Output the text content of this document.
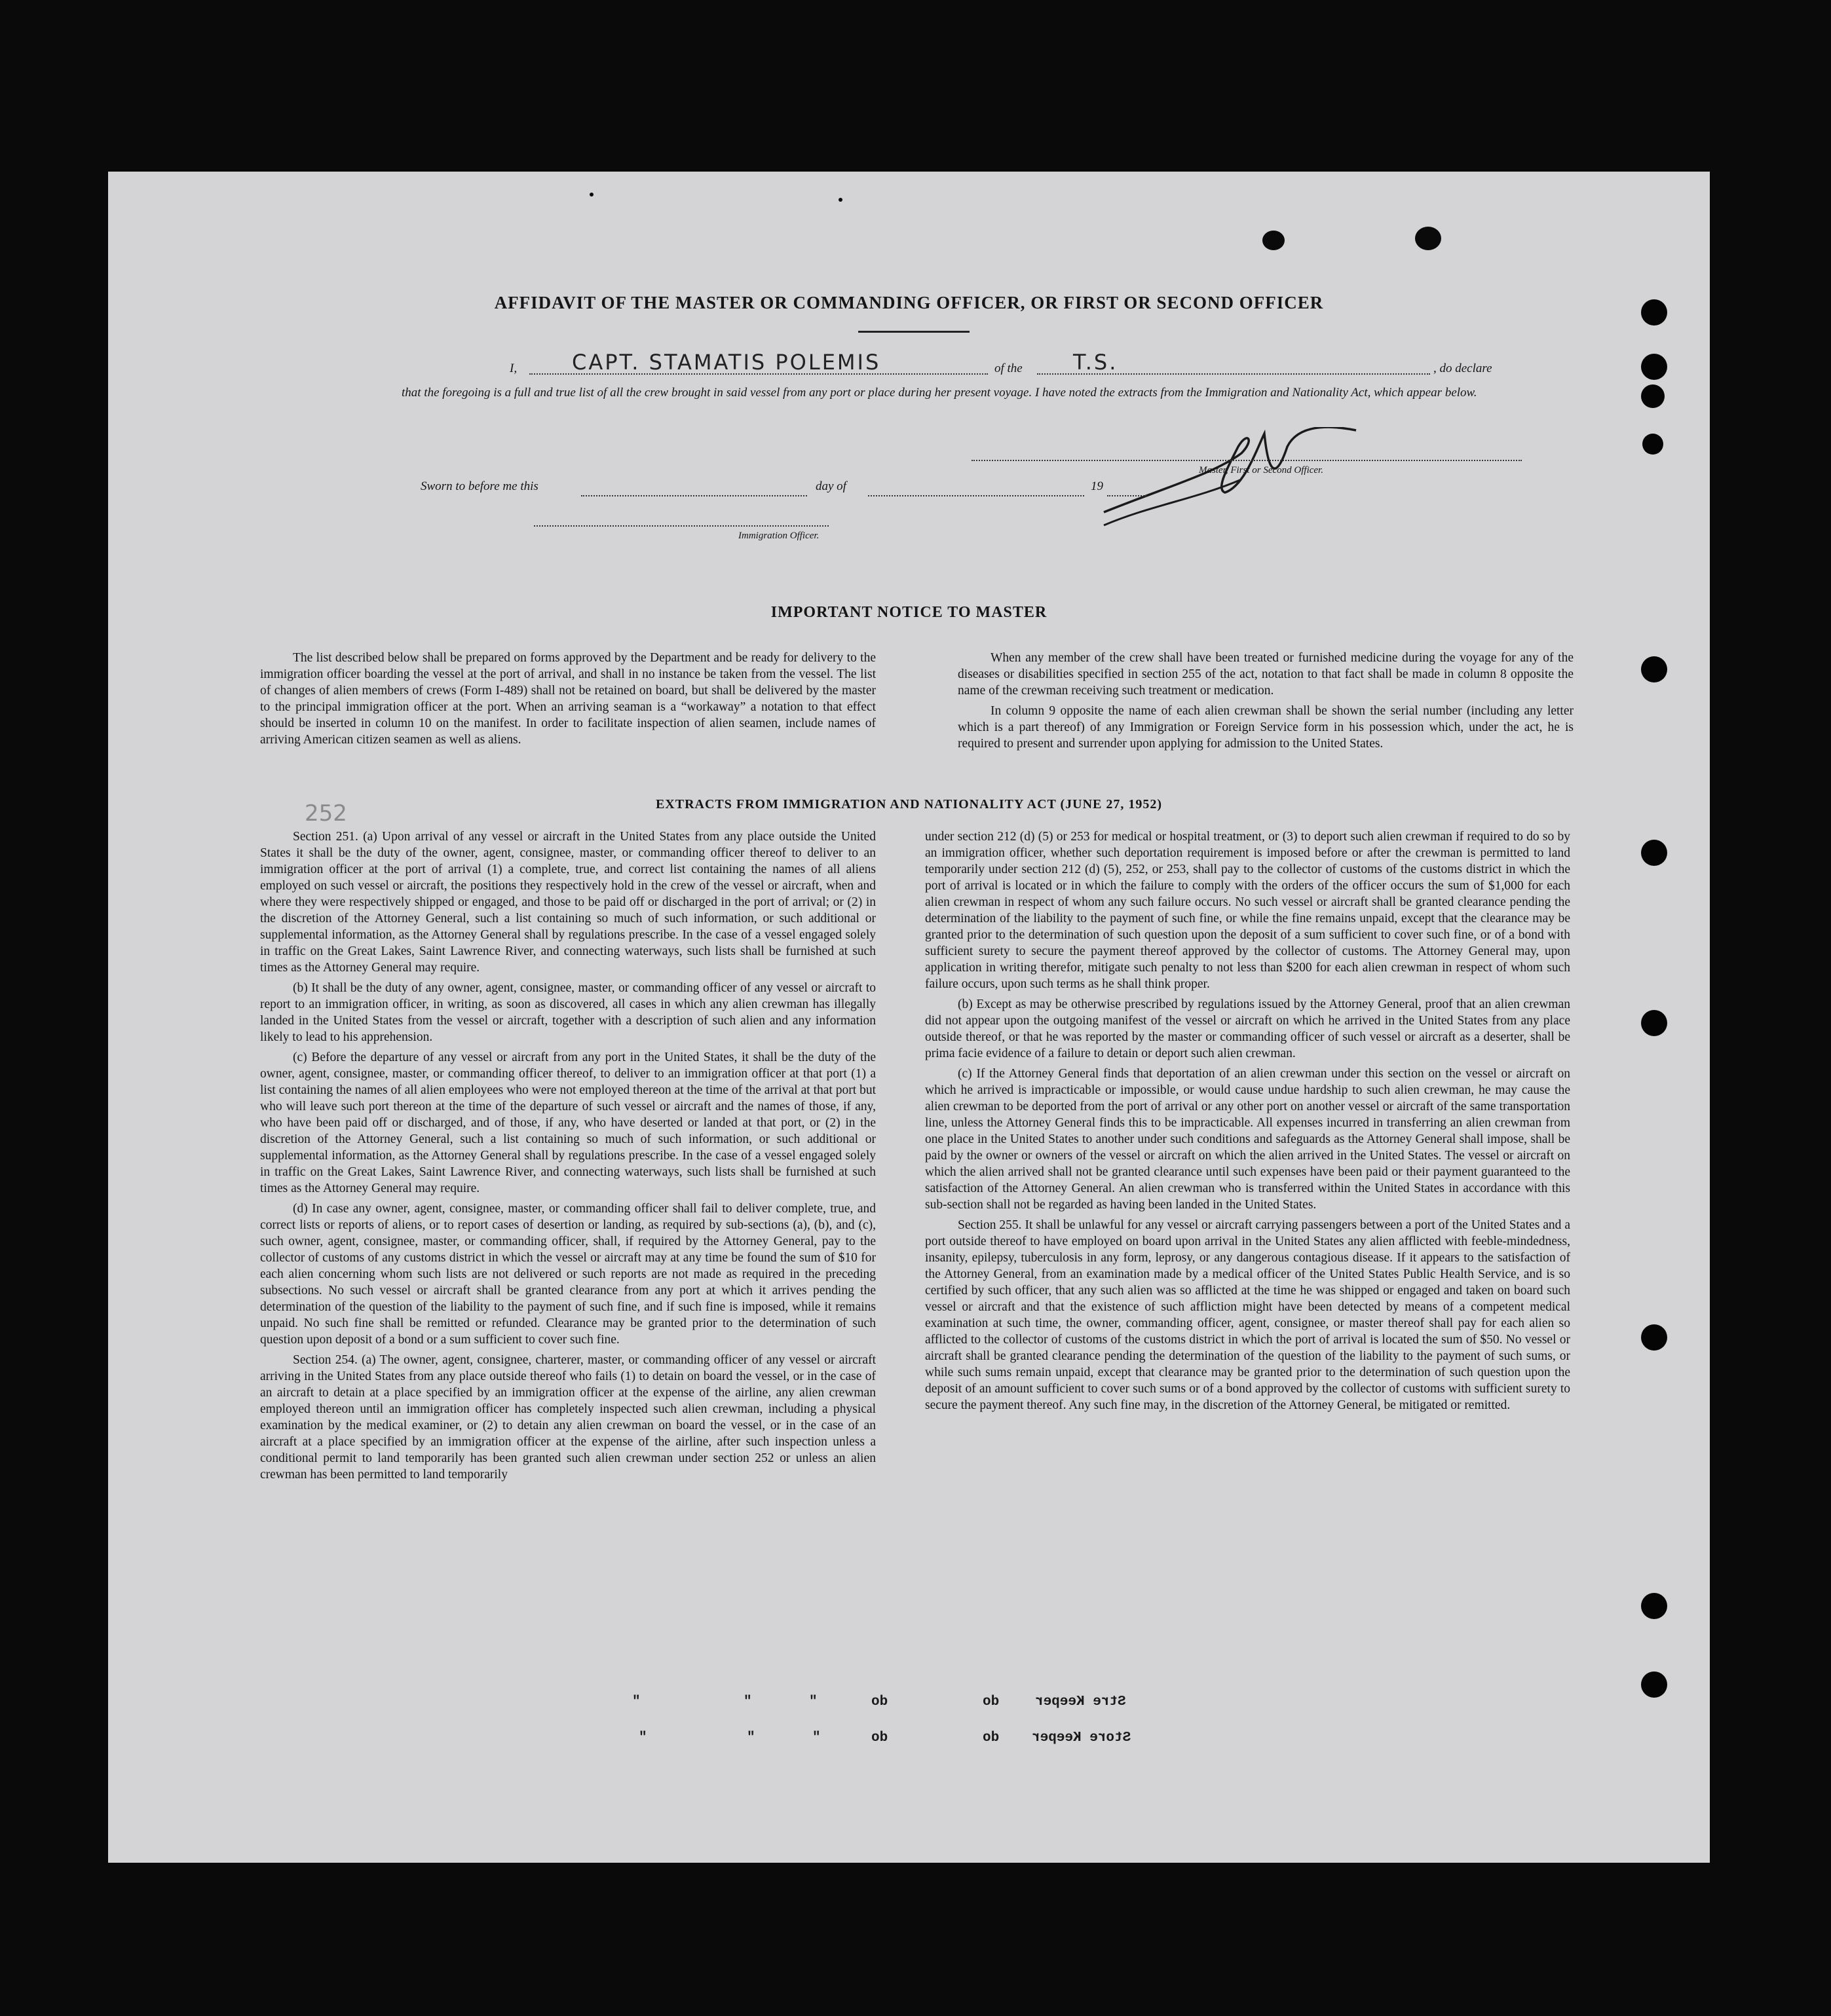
AFFIDAVIT OF THE MASTER OR COMMANDING OFFICER, OR FIRST OR SECOND OFFICER
I,	CAPT. STAMATIS POLEMIS	of the T.S.	, do declare
that the foregoing is a full and true list of all the crew brought in said vessel from any port or place during her present voyage. I have noted the extracts from the Immigration and Nationality Act, which appear below.
Master, First or Second Officer.
Sworn to before me this	day of	19
Immigration Officer.
IMPORTANT NOTICE TO MASTER

The list described below shall be prepared on forms approved by the Department and be ready for delivery to the immigration officer boarding the vessel at the port of arrival, and shall in no instance be taken from the vessel. The list of changes of alien members of crews (Form I-489) shall not be retained on board, but shall be delivered by the master to the principal immigration officer at the port. When an arriving seaman is a “workaway” a notation to that effect should be inserted in column 10 on the manifest. In order to facilitate inspection of alien seamen, include names of arriving American citizen seamen as well as aliens.

When any member of the crew shall have been treated or furnished medicine during the voyage for any of the diseases or disabilities specified in section 255 of the act, notation to that fact shall be made in column 8 opposite the name of the crewman receiving such treatment or medication.

In column 9 opposite the name of each alien crewman shall be shown the serial number (including any letter which is a part thereof) of any Immigration or Foreign Service form in his possession which, under the act, he is required to present and surrender upon applying for admission to the United States.

252	EXTRACTS FROM IMMIGRATION AND NATIONALITY ACT (JUNE 27, 1952)

Section 251. (a) Upon arrival of any vessel or aircraft in the United States from any place outside the United States it shall be the duty of the owner, agent, consignee, master, or commanding officer thereof to deliver to an immigration officer at the port of arrival (1) a complete, true, and correct list containing the names of all aliens employed on such vessel or aircraft, the positions they respectively hold in the crew of the vessel or aircraft, when and where they were respectively shipped or engaged, and those to be paid off or discharged in the port of arrival; or (2) in the discretion of the Attorney General, such a list containing so much of such information, or such additional or supplemental information, as the Attorney General shall by regulations prescribe. In the case of a vessel engaged solely in traffic on the Great Lakes, Saint Lawrence River, and connecting waterways, such lists shall be furnished at such times as the Attorney General may require.

(b) It shall be the duty of any owner, agent, consignee, master, or commanding officer of any vessel or aircraft to report to an immigration officer, in writing, as soon as discovered, all cases in which any alien crewman has illegally landed in the United States from the vessel or aircraft, together with a description of such alien and any information likely to lead to his apprehension.

(c) Before the departure of any vessel or aircraft from any port in the United States, it shall be the duty of the owner, agent, consignee, master, or commanding officer thereof, to deliver to an immigration officer at that port (1) a list containing the names of all alien employees who were not employed thereon at the time of the arrival at that port but who will leave such port thereon at the time of the departure of such vessel or aircraft and the names of those, if any, who have been paid off or discharged, and of those, if any, who have deserted or landed at that port, or (2) in the discretion of the Attorney General, such a list containing so much of such information, or such additional or supplemental information, as the Attorney General shall by regulations prescribe. In the case of a vessel engaged solely in traffic on the Great Lakes, Saint Lawrence River, and connecting waterways, such lists shall be furnished at such times as the Attorney General may require.

(d) In case any owner, agent, consignee, master, or commanding officer shall fail to deliver complete, true, and correct lists or reports of aliens, or to report cases of desertion or landing, as required by sub-sections (a), (b), and (c), such owner, agent, consignee, master, or commanding officer, shall, if required by the Attorney General, pay to the collector of customs of any customs district in which the vessel or aircraft may at any time be found the sum of $10 for each alien concerning whom such lists are not delivered or such reports are not made as required in the preceding subsections. No such vessel or aircraft shall be granted clearance from any port at which it arrives pending the determination of the question of the liability to the payment of such fine, and if such fine is imposed, while it remains unpaid. No such fine shall be remitted or refunded. Clearance may be granted prior to the determination of such question upon deposit of a bond or a sum sufficient to cover such fine.

Section 254. (a) The owner, agent, consignee, charterer, master, or commanding officer of any vessel or aircraft arriving in the United States from any place outside thereof who fails (1) to detain on board the vessel, or in the case of an aircraft to detain at a place specified by an immigration officer at the expense of the airline, any alien crewman employed thereon until an immigration officer has completely inspected such alien crewman, including a physical examination by the medical examiner, or (2) to detain any alien crewman on board the vessel, or in the case of an aircraft at a place specified by an immigration officer at the expense of the airline, after such inspection unless a conditional permit to land temporarily has been granted such alien crewman under section 252 or unless an alien crewman has been permitted to land temporarily

under section 212 (d) (5) or 253 for medical or hospital treatment, or (3) to deport such alien crewman if required to do so by an immigration officer, whether such deportation requirement is imposed before or after the crewman is permitted to land temporarily under section 212 (d) (5), 252, or 253, shall pay to the collector of customs of the customs district in which the port of arrival is located or in which the failure to comply with the orders of the officer occurs the sum of $1,000 for each alien crewman in respect of whom any such failure occurs. No such vessel or aircraft shall be granted clearance pending the determination of the liability to the payment of such fine, or while the fine remains unpaid, except that the clearance may be granted prior to the determination of such question upon the deposit of a sum sufficient to cover such fine, or of a bond with sufficient surety to secure the payment thereof approved by the collector of customs. The Attorney General may, upon application in writing therefor, mitigate such penalty to not less than $200 for each alien crewman in respect of whom such failure occurs, upon such terms as he shall think proper.

(b) Except as may be otherwise prescribed by regulations issued by the Attorney General, proof that an alien crewman did not appear upon the outgoing manifest of the vessel or aircraft on which he arrived in the United States from any place outside thereof, or that he was reported by the master or commanding officer of such vessel or aircraft as a deserter, shall be prima facie evidence of a failure to detain or deport such alien crewman.

(c) If the Attorney General finds that deportation of an alien crewman under this section on the vessel or aircraft on which he arrived is impracticable or impossible, or would cause undue hardship to such alien crewman, he may cause the alien crewman to be deported from the port of arrival or any other port on another vessel or aircraft of the same transportation line, unless the Attorney General finds this to be impracticable. All expenses incurred in transferring an alien crewman from one place in the United States to another under such conditions and safeguards as the Attorney General shall impose, shall be paid by the owner or owners of the vessel or aircraft on which the alien arrived in the United States. The vessel or aircraft on which the alien arrived shall not be granted clearance until such expenses have been paid or their payment guaranteed to the satisfaction of the Attorney General. An alien crewman who is transferred within the United States in accordance with this sub-section shall not be regarded as having been landed in the United States.

Section 255. It shall be unlawful for any vessel or aircraft carrying passengers between a port of the United States and a port outside thereof to have employed on board upon arrival in the United States any alien afflicted with feeble-mindedness, insanity, epilepsy, tuberculosis in any form, leprosy, or any dangerous contagious disease. If it appears to the satisfaction of the Attorney General, from an examination made by a medical officer of the United States Public Health Service, and is so certified by such officer, that any such alien was so afflicted at the time he was shipped or engaged and taken on board such vessel or aircraft and that the existence of such affliction might have been detected by means of a competent medical examination at such time, the owner, commanding officer, agent, consignee, or master thereof shall pay for each alien so afflicted to the collector of customs of the customs district in which the port of arrival is located the sum of $50. No vessel or aircraft shall be granted clearance pending the determination of the question of the liability to the payment of such sums, or while such sums remain unpaid, except that clearance may be granted prior to the determination of such question upon the deposit of an amount sufficient to cover such sums or of a bond approved by the collector of customs with sufficient surety to secure the payment thereof. Any such fine may, in the discretion of the Attorney General, be mitigated or remitted.

"	"	"	do	do	Stre Keeper
"	"	"	do	do Store Keeper
